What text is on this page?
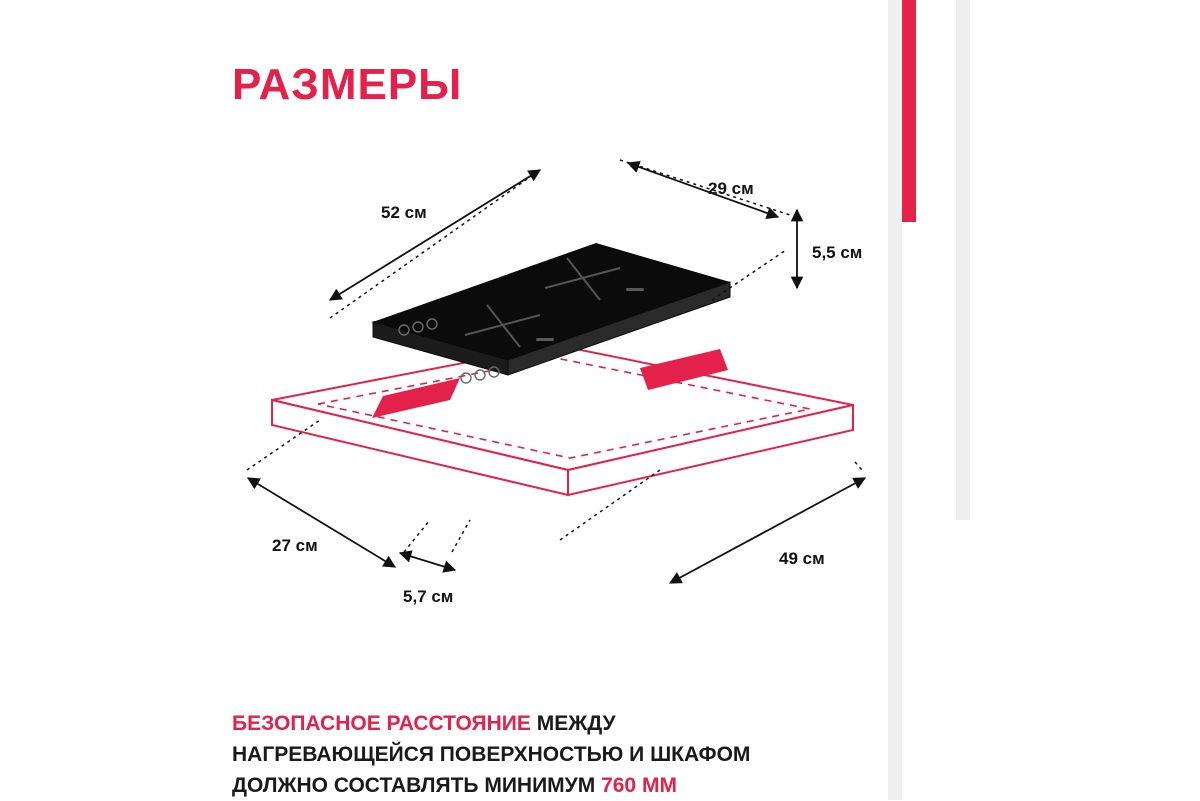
РАЗМЕРЫ
52 см
29 см
5,5 см
27 см
5,7 см
49 см
БЕЗОПАСНОЕ РАССТОЯНИЕ МЕЖДУ
НАГРЕВАЮЩЕЙСЯ ПОВЕРХНОСТЬЮ И ШКАФОМ
ДОЛЖНО СОСТАВЛЯТЬ МИНИМУМ 760 ММ
